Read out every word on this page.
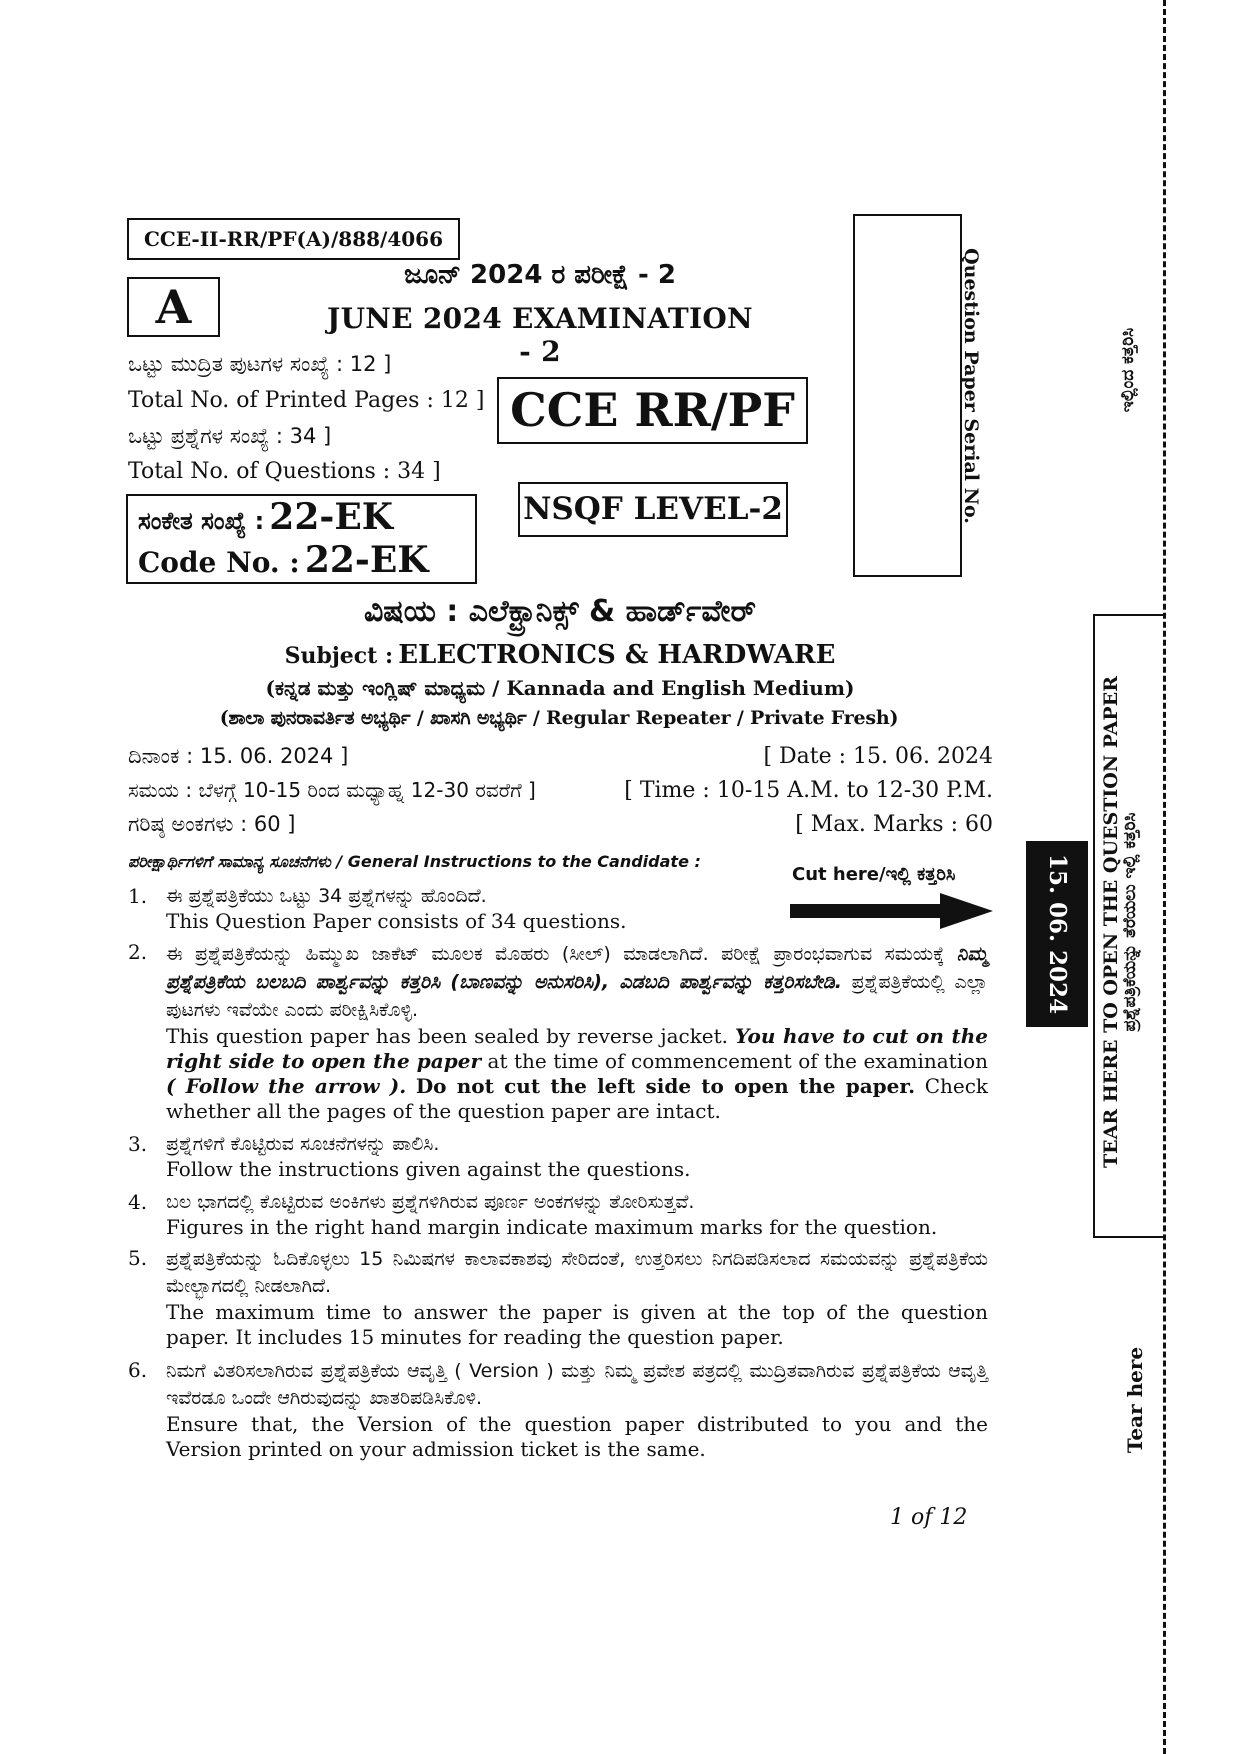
CCE-II-RR/PF(A)/888/4066
A
ಜೂನ್ 2024 ರ ಪರೀಕ್ಷೆ - 2
JUNE 2024 EXAMINATION - 2	Question Paper Serial No.
ಒಟ್ಟು ಮುದ್ರಿತ ಪುಟಗಳ ಸಂಖ್ಯೆ : 12 ]
Total No. of Printed Pages : 12 ]
ಒಟ್ಟು ಪ್ರಶ್ನೆಗಳ ಸಂಖ್ಯೆ : 34 ]
Total No. of Questions : 34 ]
CCE RR/PF
NSQF LEVEL-2
ಸಂಕೇತ ಸಂಖ್ಯೆ : 22-EK
Code No. : 22-EK
ವಿಷಯ : ಎಲೆಕ್ಟ್ರಾನಿಕ್ಸ್ & ಹಾರ್ಡ್‌ವೇರ್
Subject : ELECTRONICS & HARDWARE
(ಕನ್ನಡ ಮತ್ತು ಇಂಗ್ಲಿಷ್ ಮಾಧ್ಯಮ / Kannada and English Medium)
(ಶಾಲಾ ಪುನರಾವರ್ತಿತ ಅಭ್ಯರ್ಥಿ / ಖಾಸಗಿ ಅಭ್ಯರ್ಥಿ / Regular Repeater / Private Fresh)
ದಿನಾಂಕ : 15. 06. 2024 ]	[ Date : 15. 06. 2024
ಸಮಯ : ಬೆಳಗ್ಗೆ 10-15 ರಿಂದ ಮಧ್ಯಾಹ್ನ 12-30 ರವರೆಗೆ ]	[ Time : 10-15 A.M. to 12-30 P.M.
ಗರಿಷ್ಠ ಅಂಕಗಳು : 60 ]	[ Max. Marks : 60
ಪರೀಕ್ಷಾರ್ಥಿಗಳಿಗೆ ಸಾಮಾನ್ಯ ಸೂಚನೆಗಳು / General Instructions to the Candidate :
Cut here/ಇಲ್ಲಿ ಕತ್ತರಿಸಿ
1. ಈ ಪ್ರಶ್ನೆಪತ್ರಿಕೆಯು ಒಟ್ಟು 34 ಪ್ರಶ್ನೆಗಳನ್ನು ಹೊಂದಿದೆ.
This Question Paper consists of 34 questions.
2. ಈ ಪ್ರಶ್ನೆಪತ್ರಿಕೆಯನ್ನು ಹಿಮ್ಮುಖ ಜಾಕೆಟ್ ಮೂಲಕ ಮೊಹರು (ಸೀಲ್) ಮಾಡಲಾಗಿದೆ. ಪರೀಕ್ಷೆ ಪ್ರಾರಂಭವಾಗುವ ಸಮಯಕ್ಕೆ ನಿಮ್ಮ ಪ್ರಶ್ನೆಪತ್ರಿಕೆಯ ಬಲಬದಿ ಪಾರ್ಶ್ವವನ್ನು ಕತ್ತರಿಸಿ (ಬಾಣವನ್ನು ಅನುಸರಿಸಿ), ಎಡಬದಿ ಪಾರ್ಶ್ವವನ್ನು ಕತ್ತರಿಸಬೇಡಿ. ಪ್ರಶ್ನೆಪತ್ರಿಕೆಯಲ್ಲಿ ಎಲ್ಲಾ ಪುಟಗಳು ಇವೆಯೇ ಎಂದು ಪರೀಕ್ಷಿಸಿಕೊಳ್ಳಿ.
This question paper has been sealed by reverse jacket. You have to cut on the right side to open the paper at the time of commencement of the examination ( Follow the arrow ). Do not cut the left side to open the paper. Check whether all the pages of the question paper are intact.
3. ಪ್ರಶ್ನೆಗಳಿಗೆ ಕೊಟ್ಟಿರುವ ಸೂಚನೆಗಳನ್ನು ಪಾಲಿಸಿ.
Follow the instructions given against the questions.
4. ಬಲ ಭಾಗದಲ್ಲಿ ಕೊಟ್ಟಿರುವ ಅಂಕಿಗಳು ಪ್ರಶ್ನೆಗಳಿಗಿರುವ ಪೂರ್ಣ ಅಂಕಗಳನ್ನು ತೋರಿಸುತ್ತವೆ.
Figures in the right hand margin indicate maximum marks for the question.
5. ಪ್ರಶ್ನೆಪತ್ರಿಕೆಯನ್ನು ಓದಿಕೊಳ್ಳಲು 15 ನಿಮಿಷಗಳ ಕಾಲಾವಕಾಶವು ಸೇರಿದಂತೆ, ಉತ್ತರಿಸಲು ನಿಗದಿಪಡಿಸಲಾದ ಸಮಯವನ್ನು ಪ್ರಶ್ನೆಪತ್ರಿಕೆಯ ಮೇಲ್ಭಾಗದಲ್ಲಿ ನೀಡಲಾಗಿದೆ.
The maximum time to answer the paper is given at the top of the question paper. It includes 15 minutes for reading the question paper.
6. ನಿಮಗೆ ವಿತರಿಸಲಾಗಿರುವ ಪ್ರಶ್ನೆಪತ್ರಿಕೆಯ ಆವೃತ್ತಿ ( Version ) ಮತ್ತು ನಿಮ್ಮ ಪ್ರವೇಶ ಪತ್ರದಲ್ಲಿ ಮುದ್ರಿತವಾಗಿರುವ ಪ್ರಶ್ನೆಪತ್ರಿಕೆಯ ಆವೃತ್ತಿ ಇವೆರಡೂ ಒಂದೇ ಆಗಿರುವುದನ್ನು ಖಾತರಿಪಡಿಸಿಕೊಳಿ.
Ensure that, the Version of the question paper distributed to you and the Version printed on your admission ticket is the same.
1 of 12
ಇಲ್ಲಿಂದ ಕತ್ತರಿಸಿ
TEAR HERE TO OPEN THE QUESTION PAPER
ಪ್ರಶ್ನೆಪತ್ರಿಕೆಯನ್ನು ತೆರೆಯಲು ಇಲ್ಲಿ ಕತ್ತರಿಸಿ
15. 06. 2024
Tear here
